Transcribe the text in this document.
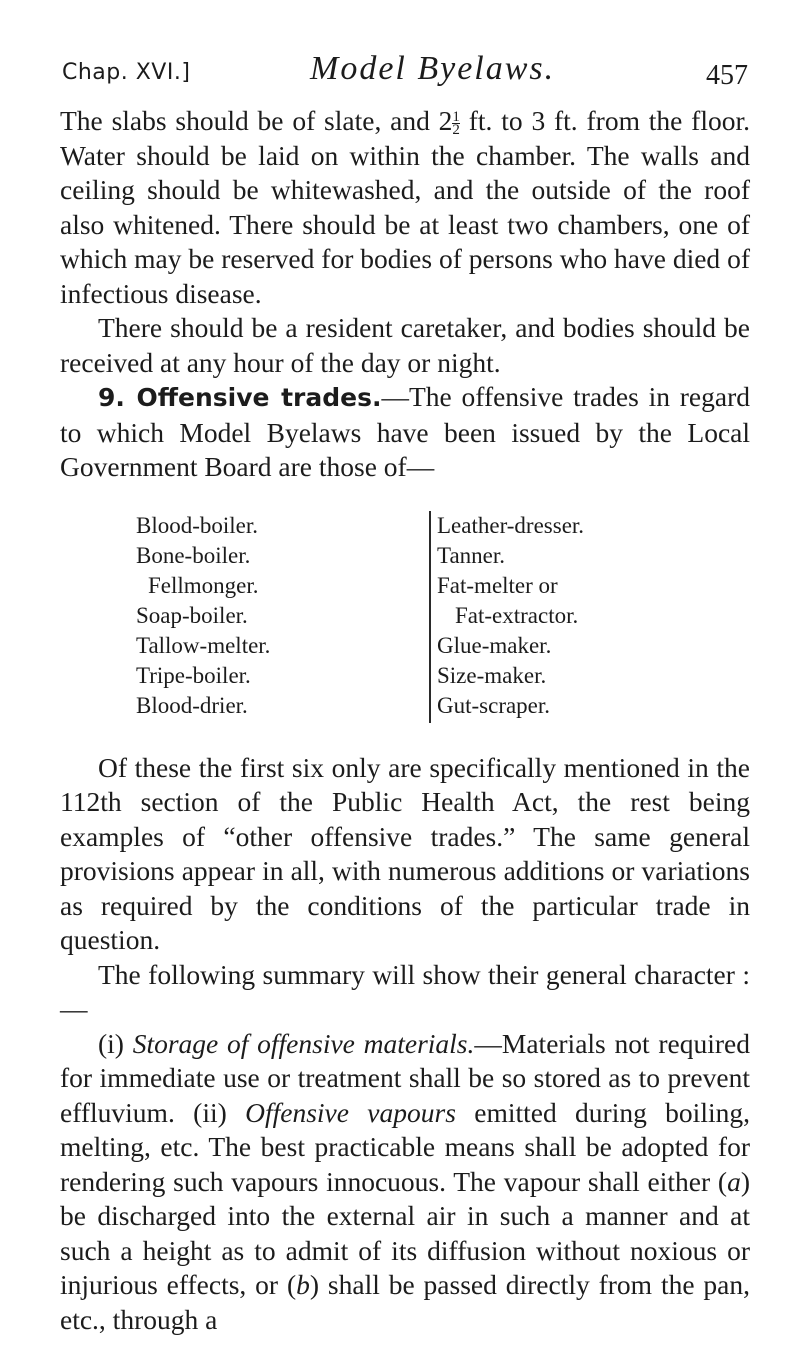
Chap. XVI.]	Model Byelaws.	457

The slabs should be of slate, and $2 \frac{1}{2}$ ft. to 3 ft. from the floor. Water should be laid on within the chamber. The walls and ceiling should be whitewashed, and the outside of the roof also whitened. There should be at least two chambers, one of which may be reserved for bodies of persons who have died of infectious disease.

There should be a resident caretaker, and bodies should be received at any hour of the day or night.

9. Offensive trades.—The offensive trades in regard to which Model Byelaws have been issued by the Local Government Board are those of—

Blood-boiler.
Bone-boiler.
Fellmonger.
Soap-boiler.
Tallow-melter.
Tripe-boiler.
Blood-drier.
Leather-dresser.
Tanner.
Fat-melter or
Fat-extractor.
Glue-maker.
Size-maker.
Gut-scraper.

Of these the first six only are specifically mentioned in the 112th section of the Public Health Act, the rest being examples of “other offensive trades.” The same general provisions appear in all, with numerous additions or variations as required by the conditions of the particular trade in question.

The following summary will show their general character :—

(i) Storage of offensive materials.—Materials not required for immediate use or treatment shall be so stored as to prevent effluvium. (ii) Offensive vapours emitted during boiling, melting, etc. The best practicable means shall be adopted for rendering such vapours innocuous. The vapour shall either (a) be discharged into the external air in such a manner and at such a height as to admit of its diffusion without noxious or injurious effects, or (b) shall be passed directly from the pan, etc., through a
